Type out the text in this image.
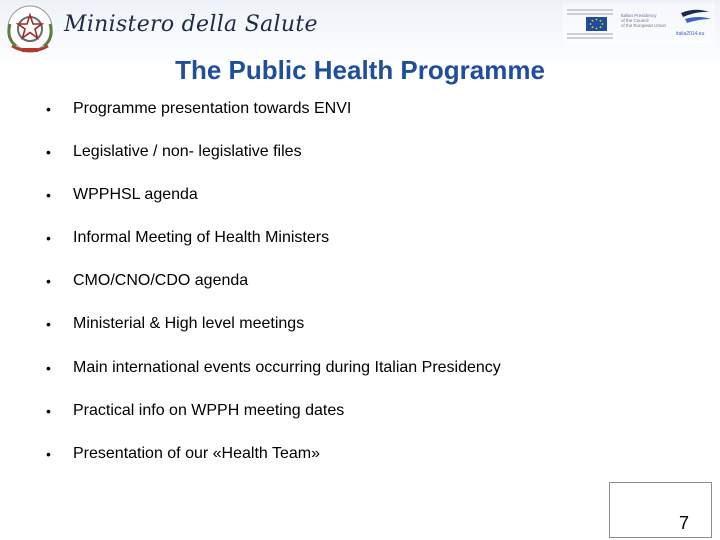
Ministero della Salute	Italian Presidency
of the Council
of the European Union
italia2014.eu
The Public Health Programme
• Programme presentation towards ENVI
• Legislative / non- legislative files
• WPPHSL agenda
• Informal Meeting of Health Ministers
• CMO/CNO/CDO agenda
• Ministerial & High level meetings
• Main international events occurring during Italian Presidency
• Practical info on WPPH meeting dates
• Presentation of our «Health Team»
7
